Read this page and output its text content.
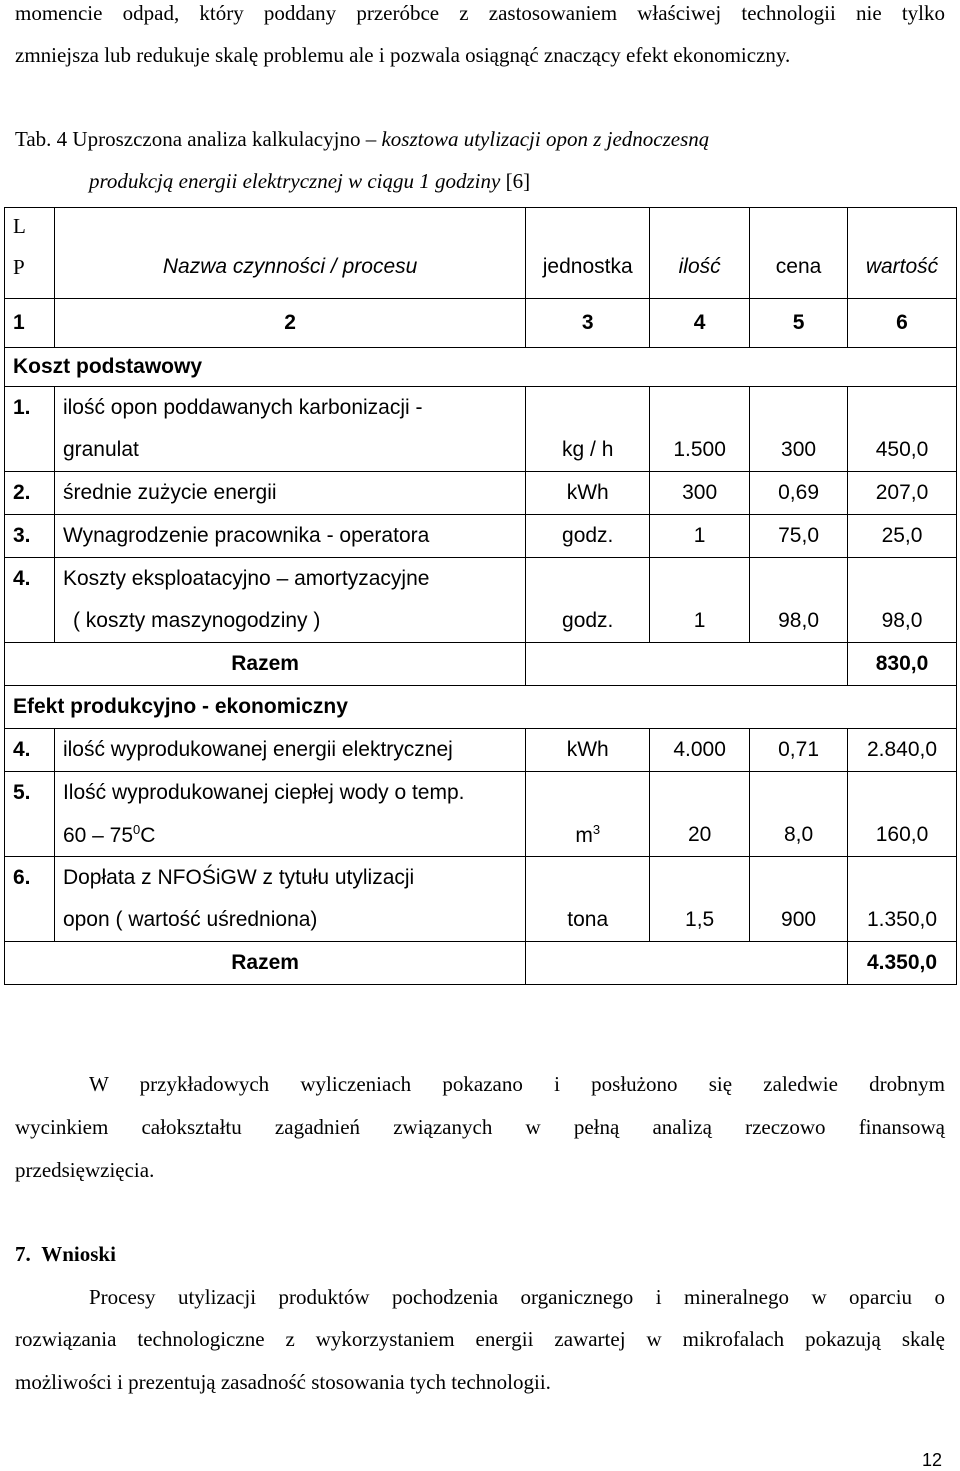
momencie odpad, który poddany przeróbce z zastosowaniem właściwej technologii nie tylko

zmniejsza lub redukuje skalę problemu ale i pozwala osiągnąć znaczący efekt ekonomiczny.

Tab. 4 Uproszczona analiza kalkulacyjno – kosztowa utylizacji opon z jednoczesną
produkcją energii elektrycznej w ciągu 1 godziny [6]
L
P	Nazwa czynności / procesu	jednostka	ilość	cena	wartość
1	2	3	4	5	6
Koszt podstawowy					
1.	ilość opon poddawanych karbonizacji -				
	granulat	kg / h	1.500	300	450,0
2.	średnie zużycie energii	kWh	300	0,69	207,0
3.	Wynagrodzenie pracownika - operatora	godz.	1	75,0	25,0
4.	Koszty eksploatacyjno – amortyzacyjne				
	( koszty maszynogodziny )	godz.	1	98,0	98,0
Razem					830,0
Efekt produkcyjno - ekonomiczny					
4.	ilość wyprodukowanej energii elektrycznej	kWh	4.000	0,71	2.840,0
5.	Ilość wyprodukowanej ciepłej wody o temp.				
	$60 - 75^0C$	$m^3$	20	8,0	160,0
6.	Dopłata z NFOŚiGW z tytułu utylizacji				
	opon ( wartość uśredniona)	tona	1,5	900	1.350,0
Razem					4.350,0

W przykładowych wyliczeniach pokazano i posłużono się zaledwie drobnym

wycinkiem całokształtu zagadnień związanych w pełną analizą rzeczowo finansową

przedsięwzięcia.

7. Wnioski

Procesy utylizacji produktów pochodzenia organicznego i mineralnego w oparciu o

rozwiązania technologiczne z wykorzystaniem energii zawartej w mikrofalach pokazują skalę

możliwości i prezentują zasadność stosowania tych technologii.

12
